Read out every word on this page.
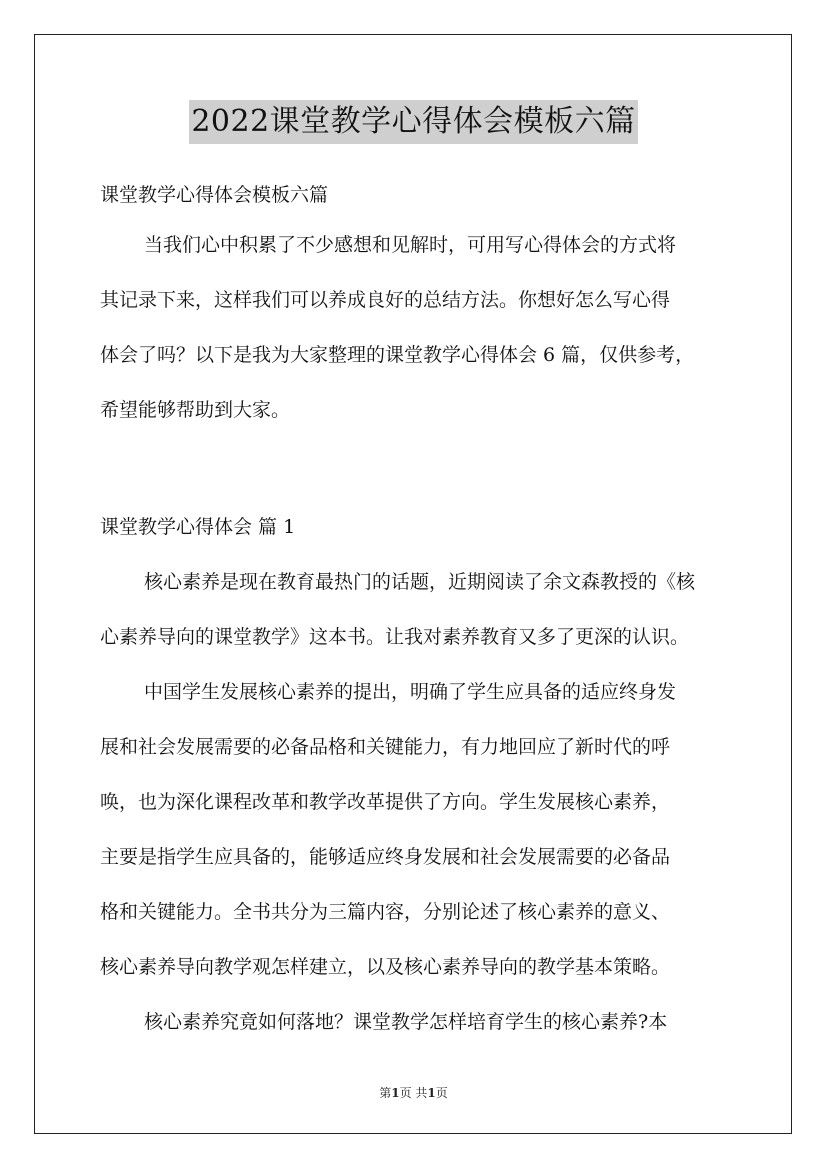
2022课堂教学心得体会模板六篇
课堂教学心得体会模板六篇
当我们心中积累了不少感想和见解时，可用写心得体会的方式将
其记录下来，这样我们可以养成良好的总结方法。你想好怎么写心得
体会了吗？以下是我为大家整理的课堂教学心得体会 6 篇，仅供参考，
希望能够帮助到大家。
课堂教学心得体会 篇 1
核心素养是现在教育最热门的话题，近期阅读了余文森教授的《核
心素养导向的课堂教学》这本书。让我对素养教育又多了更深的认识。
中国学生发展核心素养的提出，明确了学生应具备的适应终身发
展和社会发展需要的必备品格和关键能力，有力地回应了新时代的呼
唤，也为深化课程改革和教学改革提供了方向。学生发展核心素养，
主要是指学生应具备的，能够适应终身发展和社会发展需要的必备品
格和关键能力。全书共分为三篇内容，分别论述了核心素养的意义、
核心素养导向教学观怎样建立，以及核心素养导向的教学基本策略。
核心素养究竟如何落地？课堂教学怎样培育学生的核心素养?本
第1页 共1页
